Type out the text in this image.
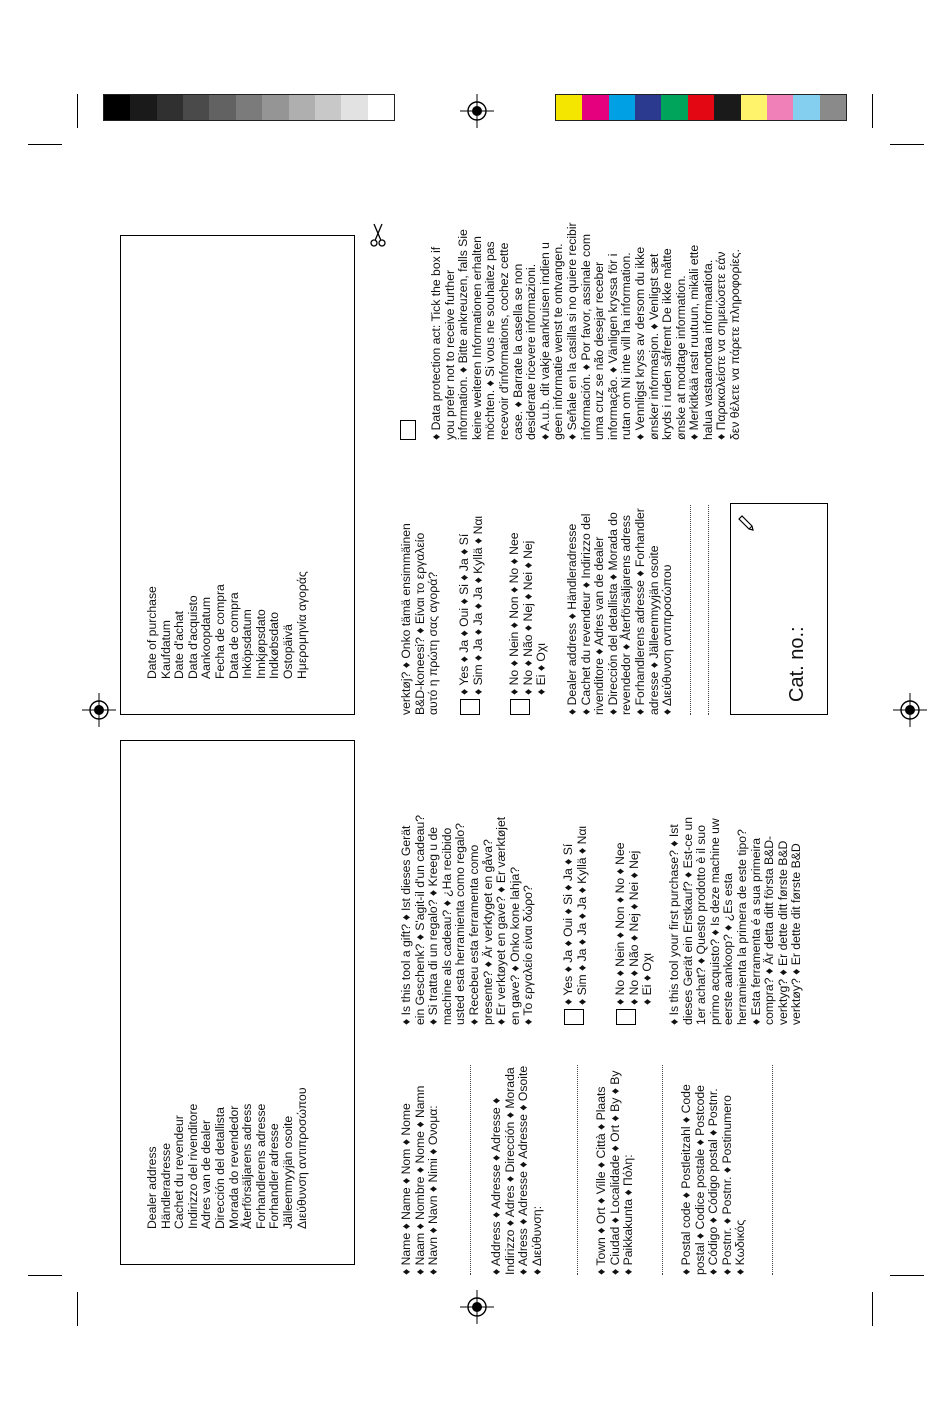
Dealer address Händleradresse Cachet du revendeur Indirizzo del rivenditore Adres van de dealer Dirección del detallista Morada do revendedor Återförsäljarens adress Forhandlerens adresse Forhandler adresse Jälleenmyyjän osoite Διεύθυνση αντιπροσώπου
Date of purchase Kaufdatum Date d'achat Data d'acquisto Aankoopdatum Fecha de compra Data de compra Inköpsdatum Innkjøpsdato Indkøbsdato Ostopäivä Ημερομηνία αγοράς
♦ Name ♦ Name ♦ Nom ♦ Nome ♦ Naam ♦ Nombre ♦ Nome ♦ Namn ♦ Navn ♦ Navn ♦ Nimi ♦ Ονομα:	♦ Address ♦ Adresse ♦ Adresse ♦ Indirizzo ♦ Adres ♦ Dirección ♦ Morada ♦ Adress ♦ Adresse ♦ Adresse ♦ Osoite ♦ Διεύθυνση:	♦ Town ♦ Ort ♦ Ville ♦ Città ♦ Plaats ♦ Ciudad ♦ Localidade ♦ Ort ♦ By ♦ By ♦ Paikkakunta ♦ Πόλη:	♦ Postal code ♦ Postleitzahl ♦ Code postal ♦ Codice postale ♦ Postcode ♦ Código ♦ Código postal ♦ Postnr. ♦ Postnr. ♦ Postnr. ♦ Postinumero ♦ Κωδικός
♦ Is this tool a gift? ♦ Ist dieses Gerät ein Geschenk? ♦ S'agit-il d'un cadeau? ♦ Si tratta di un regalo? ♦ Kreeg u de machine als cadeau? ♦ ¿Ha recibido usted esta herramienta como regalo? ♦ Recebeu esta ferramenta como presente? ♦ Är verktyget en gåva? ♦ Er verktøyet en gave? ♦ Er værktøjet en gave? ♦ Onko kone lahja? ♦ Το εργαλείο είναι δώρο? ♦ Yes ♦ Ja ♦ Oui ♦ Si ♦ Ja ♦ Sí ♦ Sim ♦ Ja ♦ Ja ♦ Ja ♦ Kyllä ♦ Ναι ♦ No ♦ Nein ♦ Non ♦ No ♦ Nee ♦ No ♦ Não ♦ Nej ♦ Nei ♦ Nej ♦ Ei ♦ Οχι ♦ Is this tool your first purchase? ♦ Ist dieses Gerät ein Erstkauf? ♦ Est-ce un 1er achat? ♦ Questo prodotto è il suo primo acquisto? ♦ Is deze machine uw eerste aankoop? ♦ ¿Es esta herramienta la primera de este tipo? ♦ Esta ferramenta é a sua primeira compra? ♦ Är detta ditt första B&D- verktyg? ♦ Er dette ditt første B&D verktøy? ♦ Er dette dit første B&D
verktøj? ♦ Onko tämä ensimmäinen B&D-koneesi? ♦ Είναι το εργαλείο αυτό η πρώτη σας αγορά? ♦ Yes ♦ Ja ♦ Oui ♦ Si ♦ Ja ♦ Sí ♦ Sim ♦ Ja ♦ Ja ♦ Ja ♦ Kyllä ♦ Ναι ♦ No ♦ Nein ♦ Non ♦ No ♦ Nee ♦ No ♦ Não ♦ Nej ♦ Nei ♦ Nej ♦ Ei ♦ Οχι ♦ Dealer address ♦ Händleradresse ♦ Cachet du revendeur ♦ Indirizzo del rivenditore ♦ Adres van de dealer ♦ Dirección del detallista ♦ Morada do revendedor ♦ Återförsäljarens adress ♦ Forhandlerens adresse ♦ Forhandler adresse ♦ Jälleenmyyjän osoite ♦ Διεύθυνση αντιπροσώπου	Cat. no.:
♦ Data protection act: Tick the box if you prefer not to receive further information. ♦ Bitte ankreuzen, falls Sie keine weiteren Informationen erhalten möchten. ♦ Si vous ne souhaitez pas recevoir d'informations, cochez cette case. ♦ Barrate la casella se non desiderate ricevere informazioni. ♦ A.u.b. dit vakje aankruisen indien u geen informatie wenst te ontvangen. ♦ Señale en la casilla si no quiere recibir información. ♦ Por favor, assinale com uma cruz se não desejar receber informação. ♦ Vänligen kryssa för i rutan om Ni inte vill ha information. ♦ Vennligst kryss av dersom du ikke ønsker informasjon. ♦ Venligst sæt kryds i ruden såfremt De ikke måtte ønske at modtage information. ♦ Merkitkää rasti ruutuun, mikäli ette halua vastaanottaa informaatiota. ♦ Παρακαλείστε να σημειώσετε εάν δεν θέλετε να πάρετε πληροφορίες.
